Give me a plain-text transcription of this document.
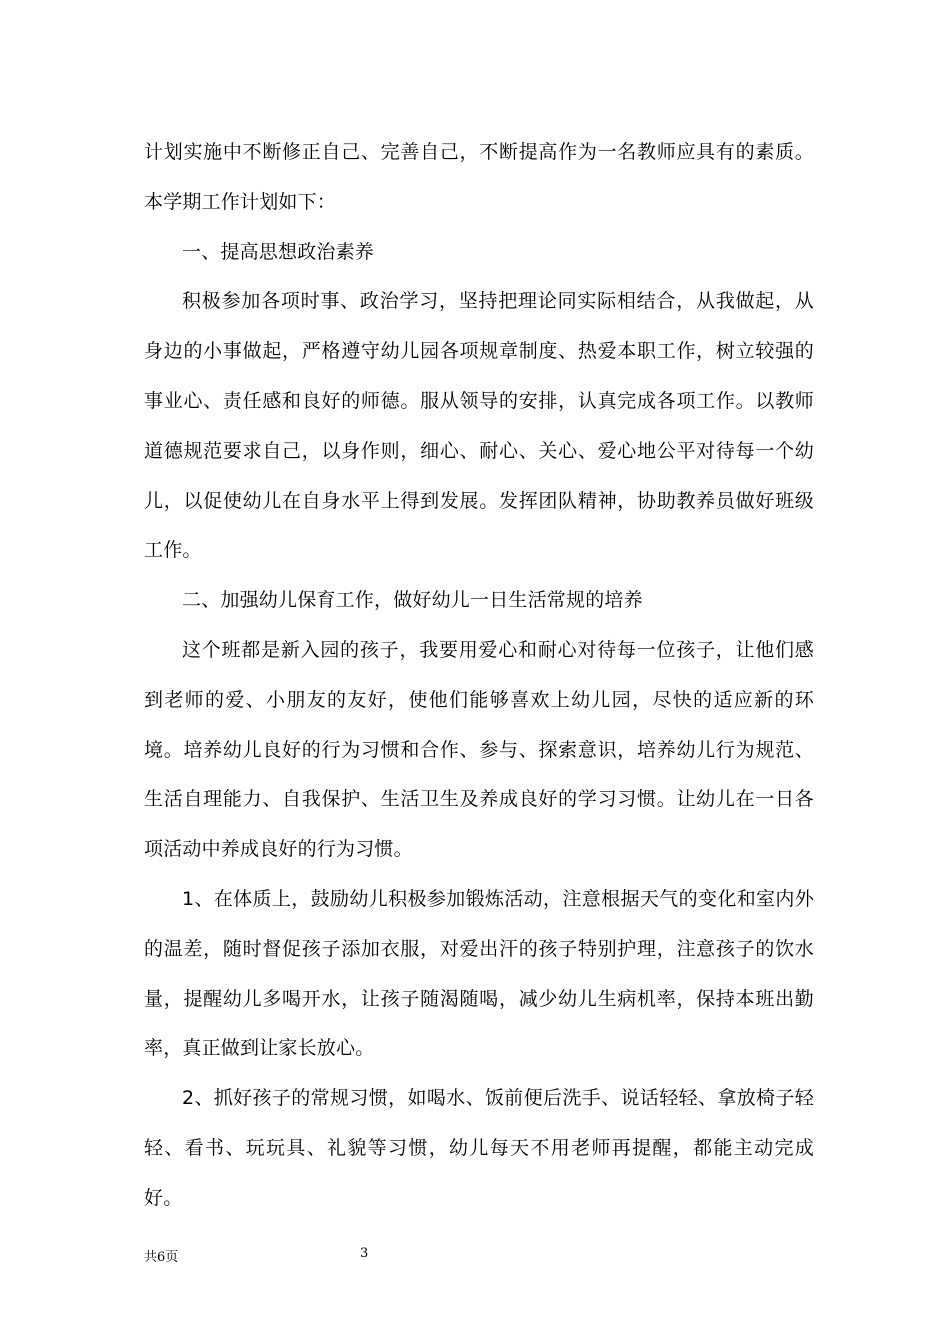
计划实施中不断修正自己、完善自己，不断提高作为一名教师应具有的素质。本学期工作计划如下：

一、提高思想政治素养

积极参加各项时事、政治学习，坚持把理论同实际相结合，从我做起，从身边的小事做起，严格遵守幼儿园各项规章制度、热爱本职工作，树立较强的事业心、责任感和良好的师德。服从领导的安排，认真完成各项工作。以教师道德规范要求自己，以身作则，细心、耐心、关心、爱心地公平对待每一个幼儿，以促使幼儿在自身水平上得到发展。发挥团队精神，协助教养员做好班级工作。

二、加强幼儿保育工作，做好幼儿一日生活常规的培养

这个班都是新入园的孩子，我要用爱心和耐心对待每一位孩子，让他们感到老师的爱、小朋友的友好，使他们能够喜欢上幼儿园，尽快的适应新的环境。培养幼儿良好的行为习惯和合作、参与、探索意识，培养幼儿行为规范、生活自理能力、自我保护、生活卫生及养成良好的学习习惯。让幼儿在一日各项活动中养成良好的行为习惯。

1、在体质上，鼓励幼儿积极参加锻炼活动，注意根据天气的变化和室内外的温差，随时督促孩子添加衣服，对爱出汗的孩子特别护理，注意孩子的饮水量，提醒幼儿多喝开水，让孩子随渴随喝，减少幼儿生病机率，保持本班出勤率，真正做到让家长放心。

2、抓好孩子的常规习惯，如喝水、饭前便后洗手、说话轻轻、拿放椅子轻轻、看书、玩玩具、礼貌等习惯，幼儿每天不用老师再提醒，都能主动完成好。

共6页	3
